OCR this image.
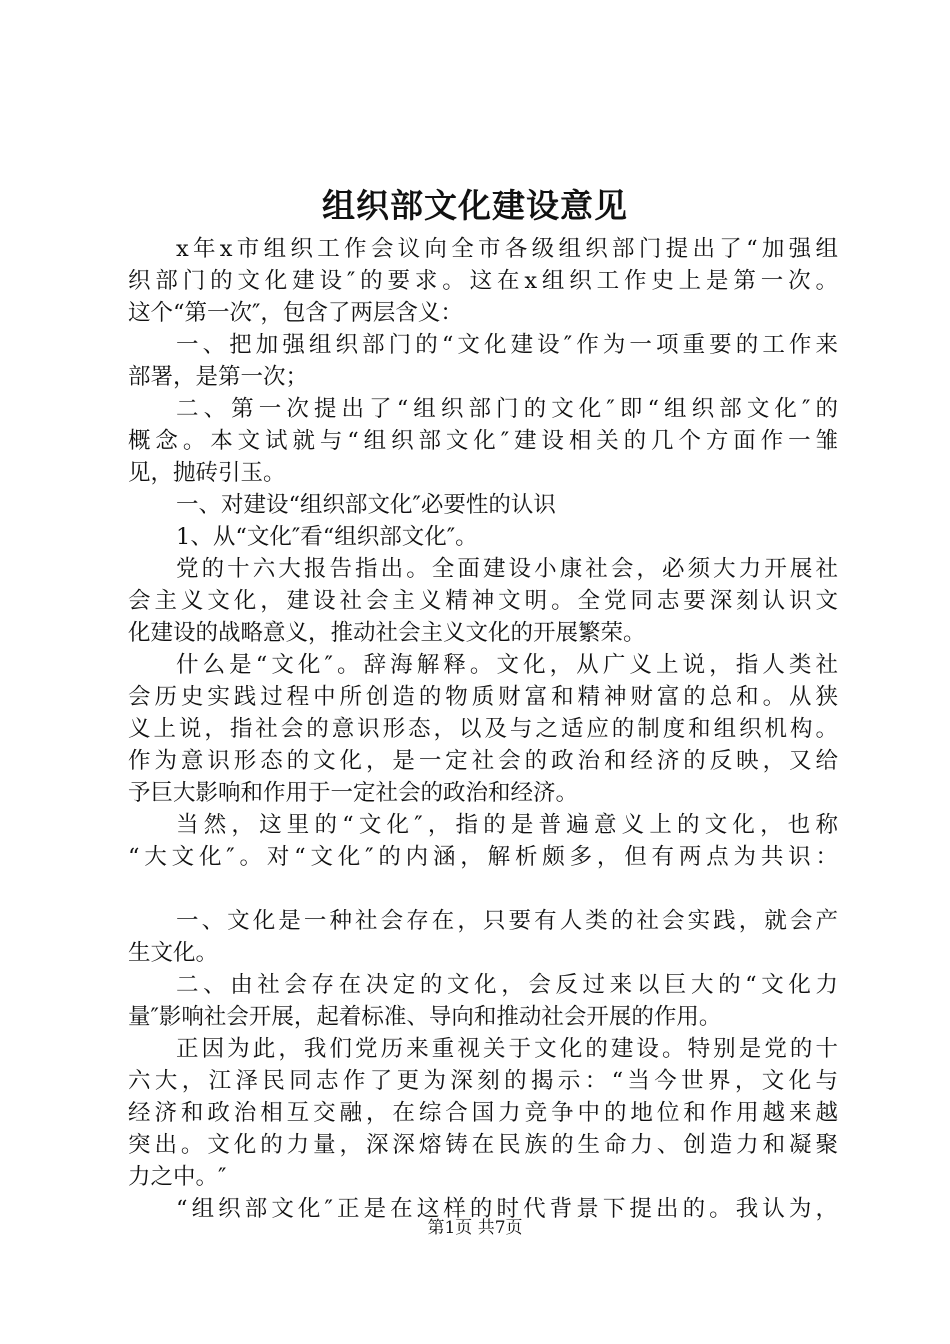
组织部文化建设意见
x年x市组织工作会议向全市各级组织部门提出了“加强组
织部门的文化建设″的要求。这在x组织工作史上是第一次。
这个“第一次″，包含了两层含义：
一、把加强组织部门的“文化建设″作为一项重要的工作来
部署，是第一次；
二、第一次提出了“组织部门的文化″即“组织部文化″的
概念。本文试就与“组织部文化″建设相关的几个方面作一雏
见，抛砖引玉。
一、对建设“组织部文化″必要性的认识
1、从“文化″看“组织部文化″。
党的十六大报告指出。全面建设小康社会，必须大力开展社
会主义文化，建设社会主义精神文明。全党同志要深刻认识文
化建设的战略意义，推动社会主义文化的开展繁荣。
什么是“文化″。辞海解释。文化，从广义上说，指人类社
会历史实践过程中所创造的物质财富和精神财富的总和。从狭
义上说，指社会的意识形态，以及与之适应的制度和组织机构。
作为意识形态的文化，是一定社会的政治和经济的反映，又给
予巨大影响和作用于一定社会的政治和经济。
当然，这里的“文化″，指的是普遍意义上的文化，也称
“大文化″。对“文化″的内涵，解析颇多，但有两点为共识：
一、文化是一种社会存在，只要有人类的社会实践，就会产
生文化。
二、由社会存在决定的文化，会反过来以巨大的“文化力
量″影响社会开展，起着标准、导向和推动社会开展的作用。
正因为此，我们党历来重视关于文化的建设。特别是党的十
六大，江泽民同志作了更为深刻的揭示：“当今世界，文化与
经济和政治相互交融，在综合国力竞争中的地位和作用越来越
突出。文化的力量，深深熔铸在民族的生命力、创造力和凝聚
力之中。″
“组织部文化″正是在这样的时代背景下提出的。我认为，
第1页 共7页
